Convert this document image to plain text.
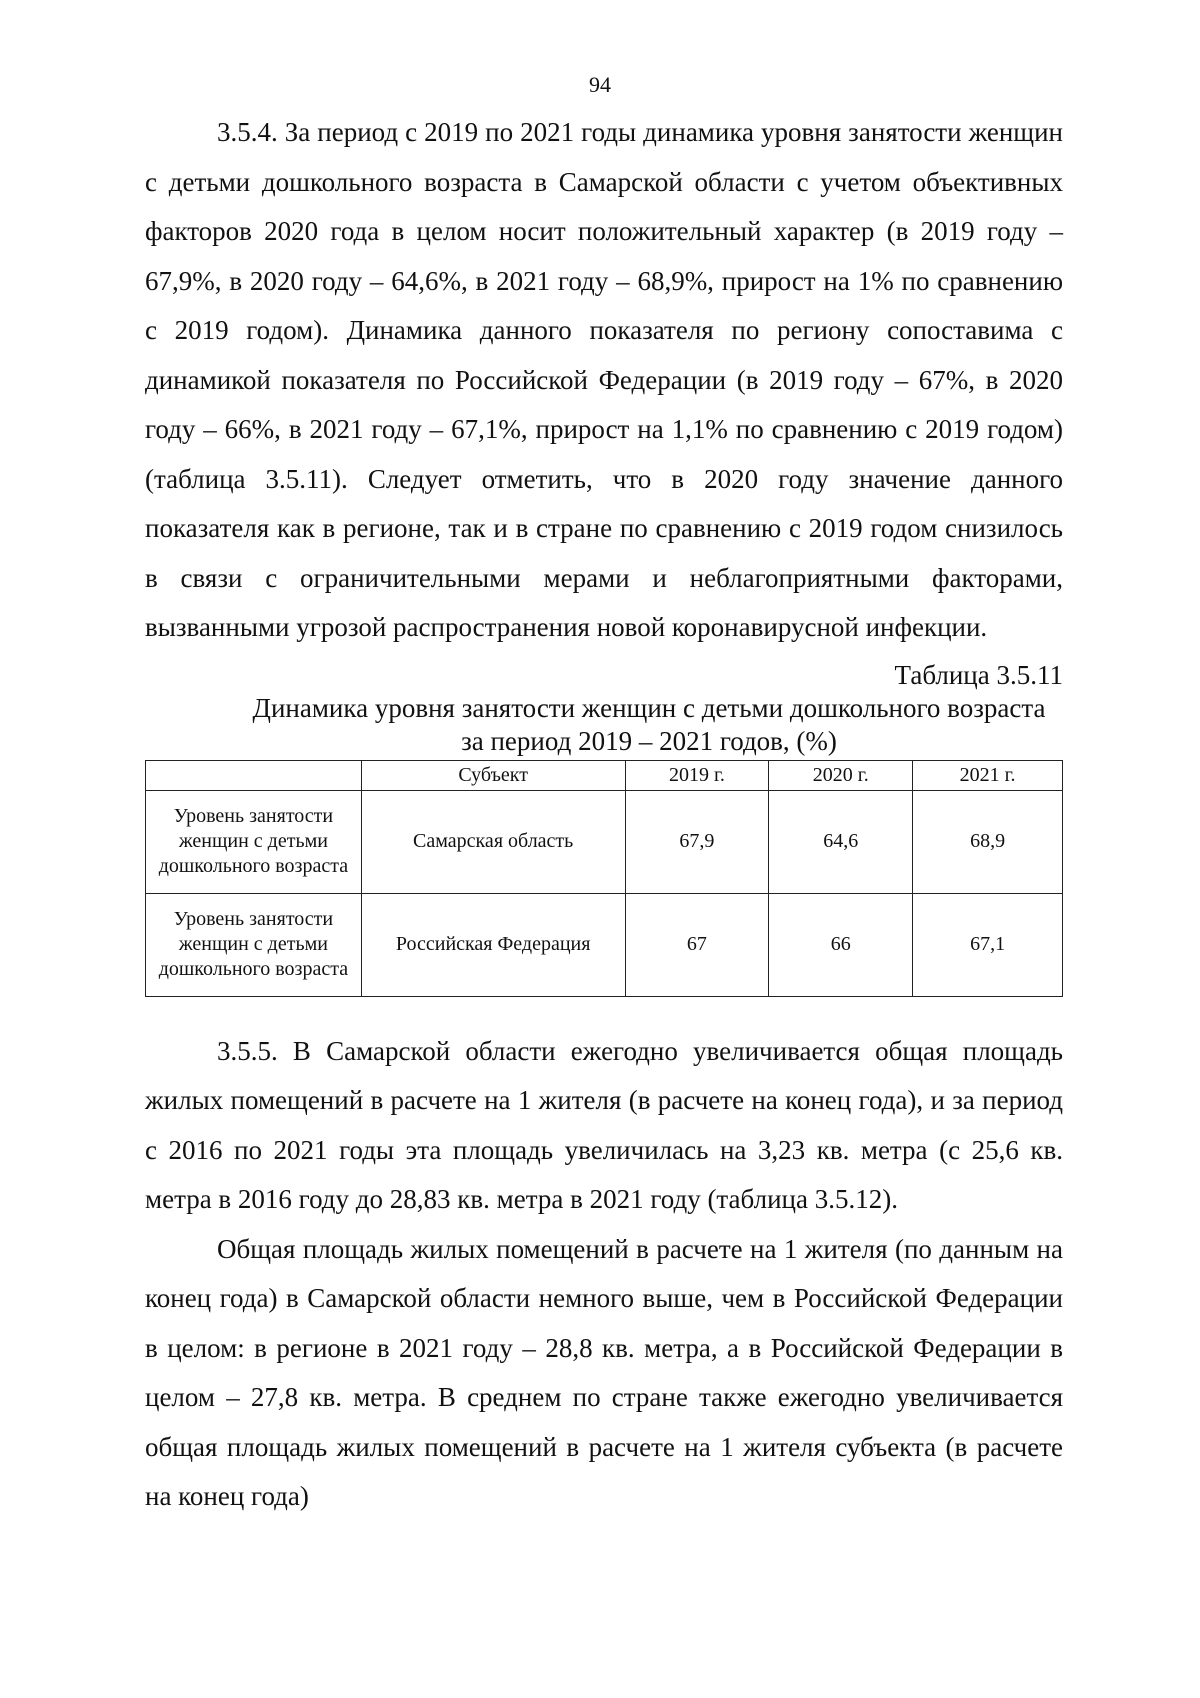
94

3.5.4. За период с 2019 по 2021 годы динамика уровня занятости женщин с детьми дошкольного возраста в Самарской области с учетом объективных факторов 2020 года в целом носит положительный характер (в 2019 году – 67,9%, в 2020 году – 64,6%, в 2021 году – 68,9%, прирост на 1% по сравнению с 2019 годом). Динамика данного показателя по региону сопоставима с динамикой показателя по Российской Федерации (в 2019 году – 67%, в 2020 году – 66%, в 2021 году – 67,1%, прирост на 1,1% по сравнению с 2019 годом) (таблица 3.5.11). Следует отметить, что в 2020 году значение данного показателя как в регионе, так и в стране по сравнению с 2019 годом снизилось в связи с ограничительными мерами и неблагоприятными факторами, вызванными угрозой распространения новой коронавирусной инфекции.

Таблица 3.5.11

Динамика уровня занятости женщин с детьми дошкольного возраста

за период 2019 – 2021 годов, (%)

	Субъект	2019 г.	2020 г.	2021 г.
Уровень занятости женщин с детьми дошкольного возраста	Самарская область	67,9	64,6	68,9
Уровень занятости женщин с детьми дошкольного возраста	Российская Федерация	67	66	67,1

3.5.5. В Самарской области ежегодно увеличивается общая площадь жилых помещений в расчете на 1 жителя (в расчете на конец года), и за период с 2016 по 2021 годы эта площадь увеличилась на 3,23 кв. метра (с 25,6 кв. метра в 2016 году до 28,83 кв. метра в 2021 году (таблица 3.5.12).

Общая площадь жилых помещений в расчете на 1 жителя (по данным на конец года) в Самарской области немного выше, чем в Российской Федерации в целом: в регионе в 2021 году – 28,8 кв. метра, а в Российской Федерации в целом – 27,8 кв. метра. В среднем по стране также ежегодно увеличивается общая площадь жилых помещений в расчете на 1 жителя субъекта (в расчете на конец года)
